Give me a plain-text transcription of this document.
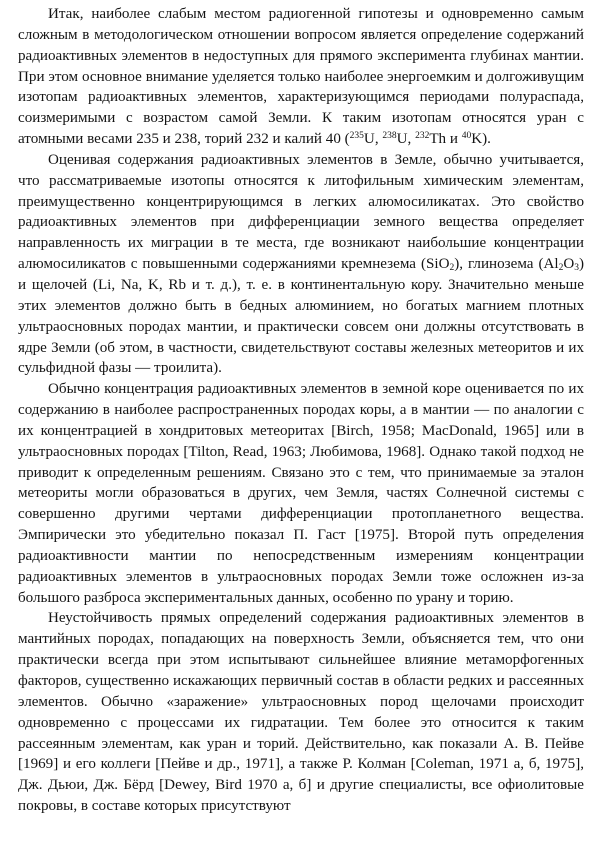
Итак, наиболее слабым местом радиогенной гипотезы и одновременно самым сложным в методологическом отношении вопросом является определение содержаний радиоактивных элементов в недоступных для прямого эксперимента глубинах мантии. При этом основное внимание уделяется только наиболее энергоемким и долгоживущим изотопам радиоактивных элементов, характеризующимся периодами полураспада, соизмеримыми с возрастом самой Земли. К таким изотопам относятся уран с атомными весами 235 и 238, торий 232 и калий 40 ($^{235}$U, $^{238}$U, $^{232}$Th и $^{40}$K).

Оценивая содержания радиоактивных элементов в Земле, обычно учитывается, что рассматриваемые изотопы относятся к литофильным химическим элементам, преимущественно концентрирующимся в легких алюмосиликатах. Это свойство радиоактивных элементов при дифференциации земного вещества определяет направленность их миграции в те места, где возникают наибольшие концентрации алюмосиликатов с повышенными содержаниями кремнезема (SiO$_2$), глинозема $(Al_2O_3)$ и щелочей (Li, Na, K, Rb и т. д.), т. е. в континентальную кору. Значительно меньше этих элементов должно быть в бедных алюминием, но богатых магнием плотных ультраосновных породах мантии, и практически совсем они должны отсутствовать в ядре Земли (об этом, в частности, свидетельствуют составы железных метеоритов и их сульфидной фазы — троилита).

Обычно концентрация радиоактивных элементов в земной коре оценивается по их содержанию в наиболее распространенных породах коры, а в мантии — по аналогии с их концентрацией в хондритовых метеоритах [Birch, 1958; MacDonald, 1965] или в ультраосновных породах [Tilton, Read, 1963; Любимова, 1968]. Однако такой подход не приводит к определенным решениям. Связано это с тем, что принимаемые за эталон метеориты могли образоваться в других, чем Земля, частях Солнечной системы с совершенно другими чертами дифференциации протопланетного вещества. Эмпирически это убедительно показал П. Гаст [1975]. Второй путь определения радиоактивности мантии по непосредственным измерениям концентрации радиоактивных элементов в ультраосновных породах Земли тоже осложнен из-за большого разброса экспериментальных данных, особенно по урану и торию.

Неустойчивость прямых определений содержания радиоактивных элементов в мантийных породах, попадающих на поверхность Земли, объясняется тем, что они практически всегда при этом испытывают сильнейшее влияние метаморфогенных факторов, существенно искажающих первичный состав в области редких и рассеянных элементов. Обычно «заражение» ультраосновных пород щелочами происходит одновременно с процессами их гидратации. Тем более это относится к таким рассеянным элементам, как уран и торий. Действительно, как показали А. В. Пейве [1969] и его коллеги [Пейве и др., 1971], а также Р. Колман [Coleman, 1971 а, б, 1975], Дж. Дьюи, Дж. Бёрд [Dewey, Bird 1970 а, б] и другие специалисты, все офиолитовые покровы, в составе которых присутствуют
